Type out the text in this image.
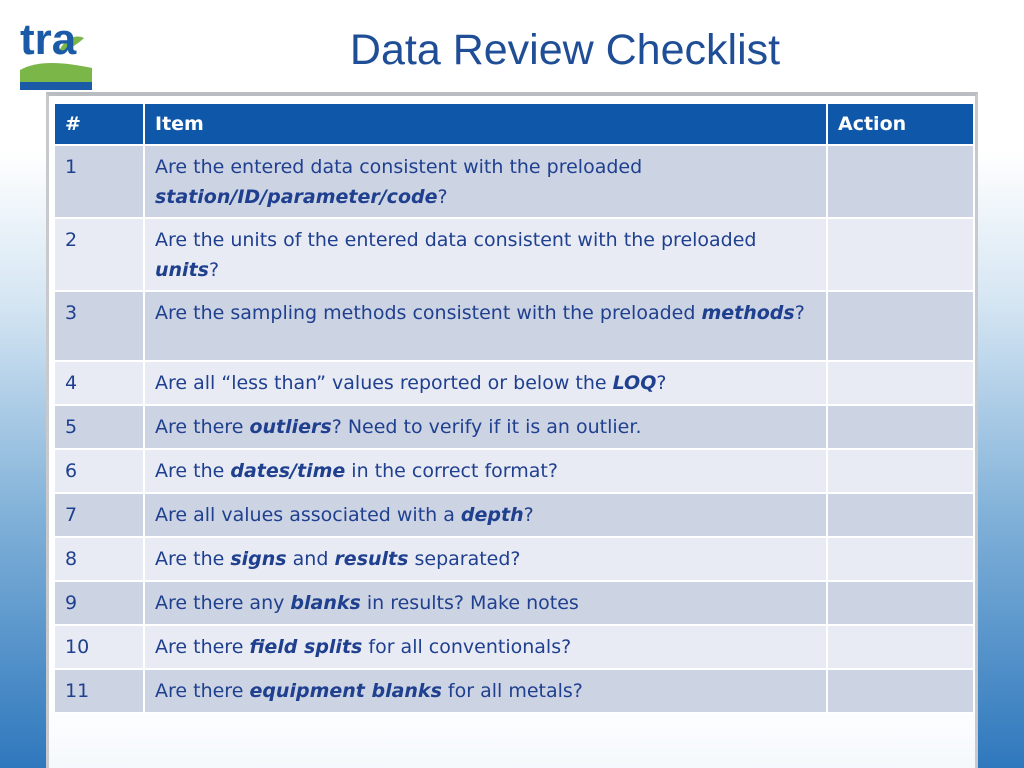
tra	Data Review Checklist
#	Item	Action
1	Are the entered data consistent with the preloaded station/ID/parameter/code?	
2	Are the units of the entered data consistent with the preloaded units?	
3	Are the sampling methods consistent with the preloaded methods?	
4	Are all “less than” values reported or below the LOQ?	
5	Are there outliers? Need to verify if it is an outlier.	
6	Are the dates/time in the correct format?	
7	Are all values associated with a depth?	
8	Are the signs and results separated?	
9	Are there any blanks in results? Make notes	
10	Are there field splits for all conventionals?	
11	Are there equipment blanks for all metals?	
